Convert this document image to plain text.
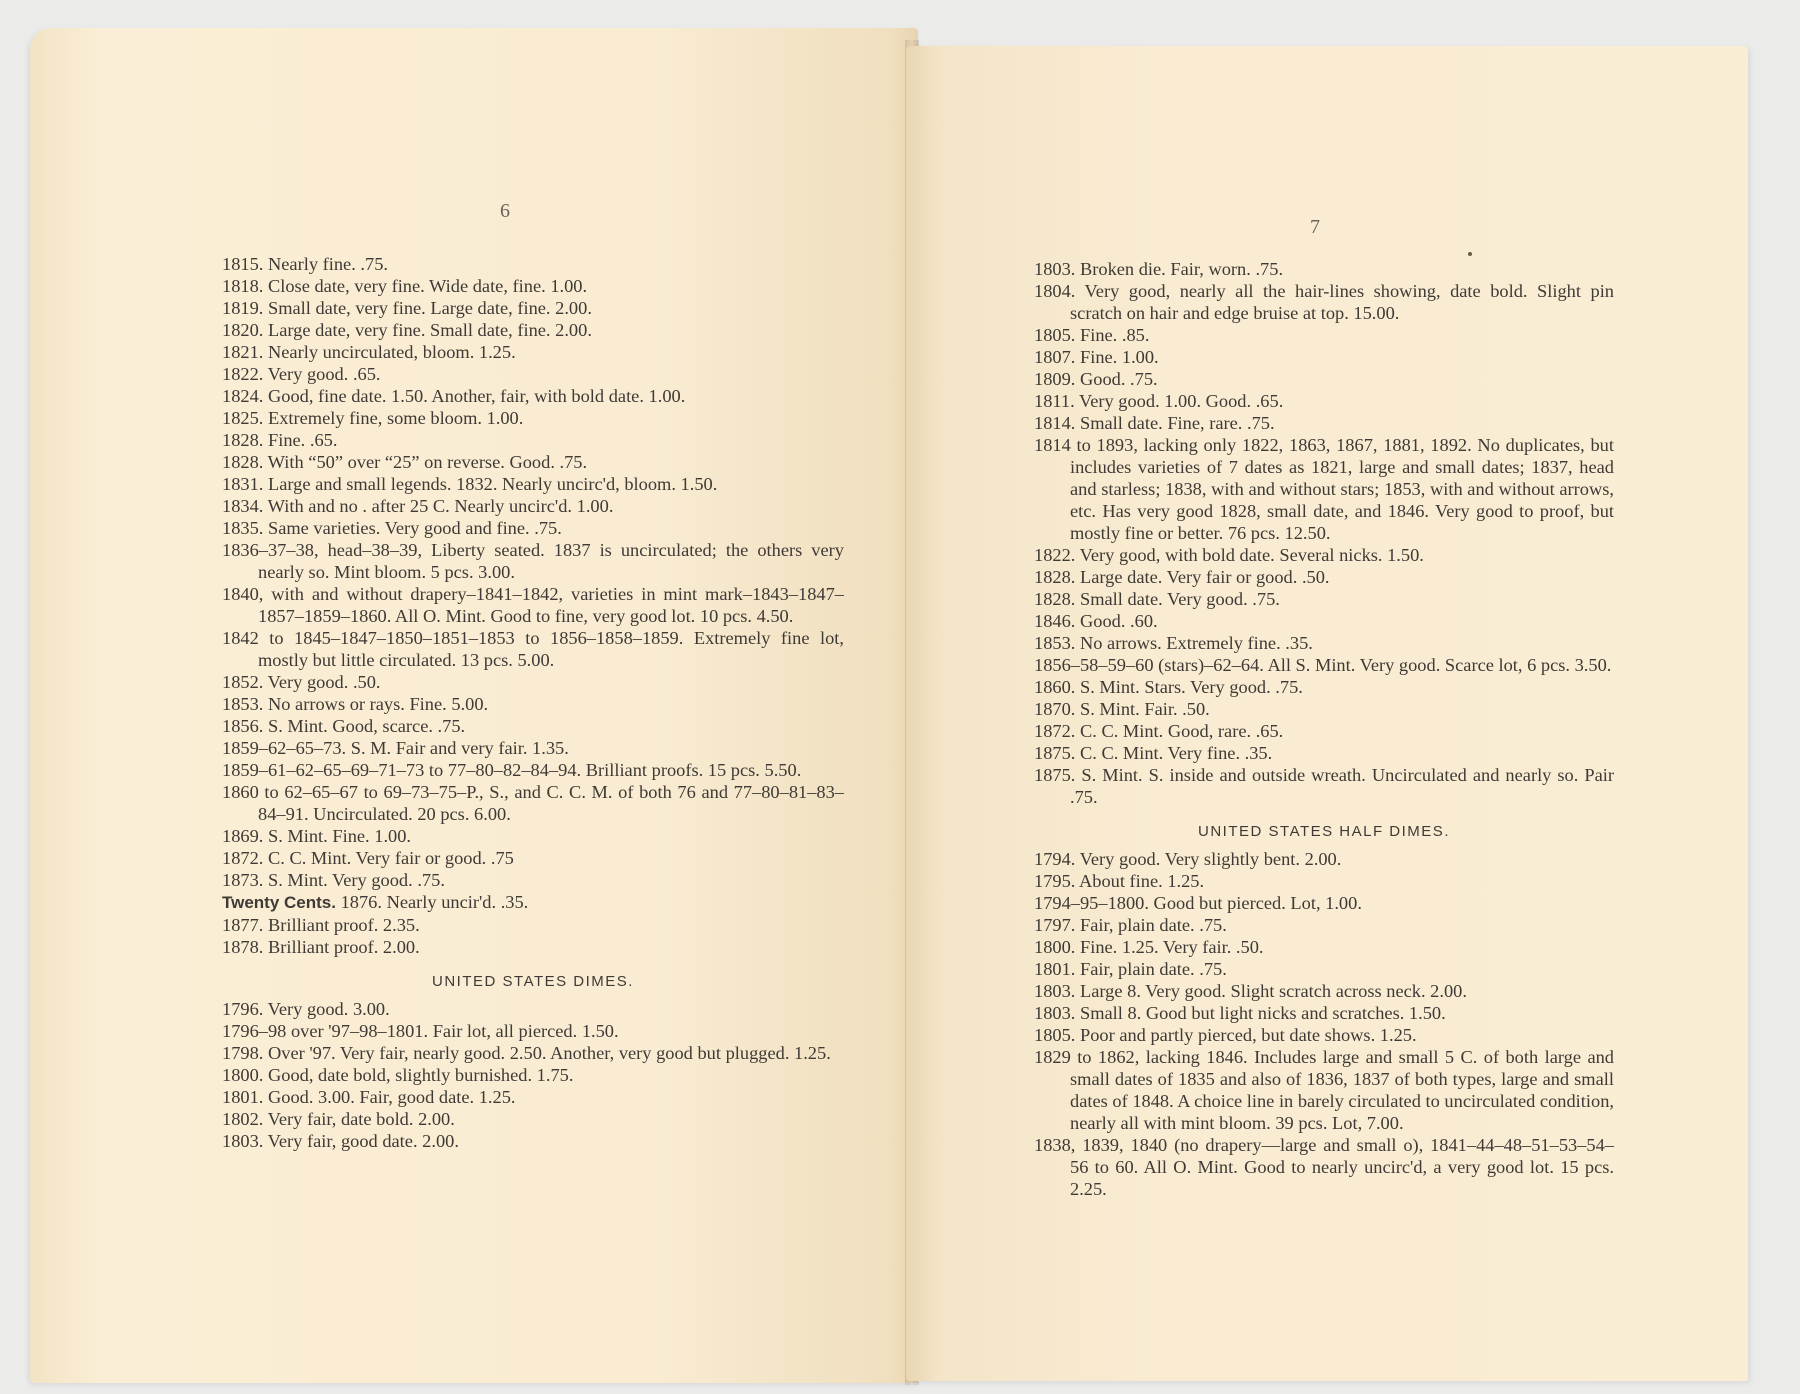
6
1815. Nearly fine. .75.
1818. Close date, very fine. Wide date, fine. 1.00.
1819. Small date, very fine. Large date, fine. 2.00.
1820. Large date, very fine. Small date, fine. 2.00.
1821. Nearly uncirculated, bloom. 1.25.
1822. Very good. .65.
1824. Good, fine date. 1.50. Another, fair, with bold date. 1.00.
1825. Extremely fine, some bloom. 1.00.
1828. Fine. .65.
1828. With “50” over “25” on reverse. Good. .75.
1831. Large and small legends. 1832. Nearly uncirc'd, bloom. 1.50.
1834. With and no . after 25 C. Nearly uncirc'd. 1.00.
1835. Same varieties. Very good and fine. .75.
1836–37–38, head–38–39, Liberty seated. 1837 is uncirculated; the others very nearly so. Mint bloom. 5 pcs. 3.00.
1840, with and without drapery–1841–1842, varieties in mint mark–1843–1847–1857–1859–1860. All O. Mint. Good to fine, very good lot. 10 pcs. 4.50.
1842 to 1845–1847–1850–1851–1853 to 1856–1858–1859. Extremely fine lot, mostly but little circulated. 13 pcs. 5.00.
1852. Very good. .50.
1853. No arrows or rays. Fine. 5.00.
1856. S. Mint. Good, scarce. .75.
1859–62–65–73. S. M. Fair and very fair. 1.35.
1859–61–62–65–69–71–73 to 77–80–82–84–94. Brilliant proofs. 15 pcs. 5.50.
1860 to 62–65–67 to 69–73–75–P., S., and C. C. M. of both 76 and 77–80–81–83–84–91. Uncirculated. 20 pcs. 6.00.
1869. S. Mint. Fine. 1.00.
1872. C. C. Mint. Very fair or good. .75
1873. S. Mint. Very good. .75.
Twenty Cents. 1876. Nearly uncir'd. .35.
1877. Brilliant proof. 2.35.
1878. Brilliant proof. 2.00.
UNITED STATES DIMES.
1796. Very good. 3.00.
1796–98 over '97–98–1801. Fair lot, all pierced. 1.50.
1798. Over '97. Very fair, nearly good. 2.50. Another, very good but plugged. 1.25.
1800. Good, date bold, slightly burnished. 1.75.
1801. Good. 3.00. Fair, good date. 1.25.
1802. Very fair, date bold. 2.00.
1803. Very fair, good date. 2.00.
7
1803. Broken die. Fair, worn. .75.
1804. Very good, nearly all the hair-lines showing, date bold. Slight pin scratch on hair and edge bruise at top. 15.00.
1805. Fine. .85.
1807. Fine. 1.00.
1809. Good. .75.
1811. Very good. 1.00. Good. .65.
1814. Small date. Fine, rare. .75.
1814 to 1893, lacking only 1822, 1863, 1867, 1881, 1892. No duplicates, but includes varieties of 7 dates as 1821, large and small dates; 1837, head and starless; 1838, with and without stars; 1853, with and without arrows, etc. Has very good 1828, small date, and 1846. Very good to proof, but mostly fine or better. 76 pcs. 12.50.
1822. Very good, with bold date. Several nicks. 1.50.
1828. Large date. Very fair or good. .50.
1828. Small date. Very good. .75.
1846. Good. .60.
1853. No arrows. Extremely fine. .35.
1856–58–59–60 (stars)–62–64. All S. Mint. Very good. Scarce lot, 6 pcs. 3.50.
1860. S. Mint. Stars. Very good. .75.
1870. S. Mint. Fair. .50.
1872. C. C. Mint. Good, rare. .65.
1875. C. C. Mint. Very fine. .35.
1875. S. Mint. S. inside and outside wreath. Uncirculated and nearly so. Pair .75.
UNITED STATES HALF DIMES.
1794. Very good. Very slightly bent. 2.00.
1795. About fine. 1.25.
1794–95–1800. Good but pierced. Lot, 1.00.
1797. Fair, plain date. .75.
1800. Fine. 1.25. Very fair. .50.
1801. Fair, plain date. .75.
1803. Large 8. Very good. Slight scratch across neck. 2.00.
1803. Small 8. Good but light nicks and scratches. 1.50.
1805. Poor and partly pierced, but date shows. 1.25.
1829 to 1862, lacking 1846. Includes large and small 5 C. of both large and small dates of 1835 and also of 1836, 1837 of both types, large and small dates of 1848. A choice line in barely circulated to uncirculated condition, nearly all with mint bloom. 39 pcs. Lot, 7.00.
1838, 1839, 1840 (no drapery—large and small o), 1841–44–48–51–53–54–56 to 60. All O. Mint. Good to nearly uncirc'd, a very good lot. 15 pcs. 2.25.
